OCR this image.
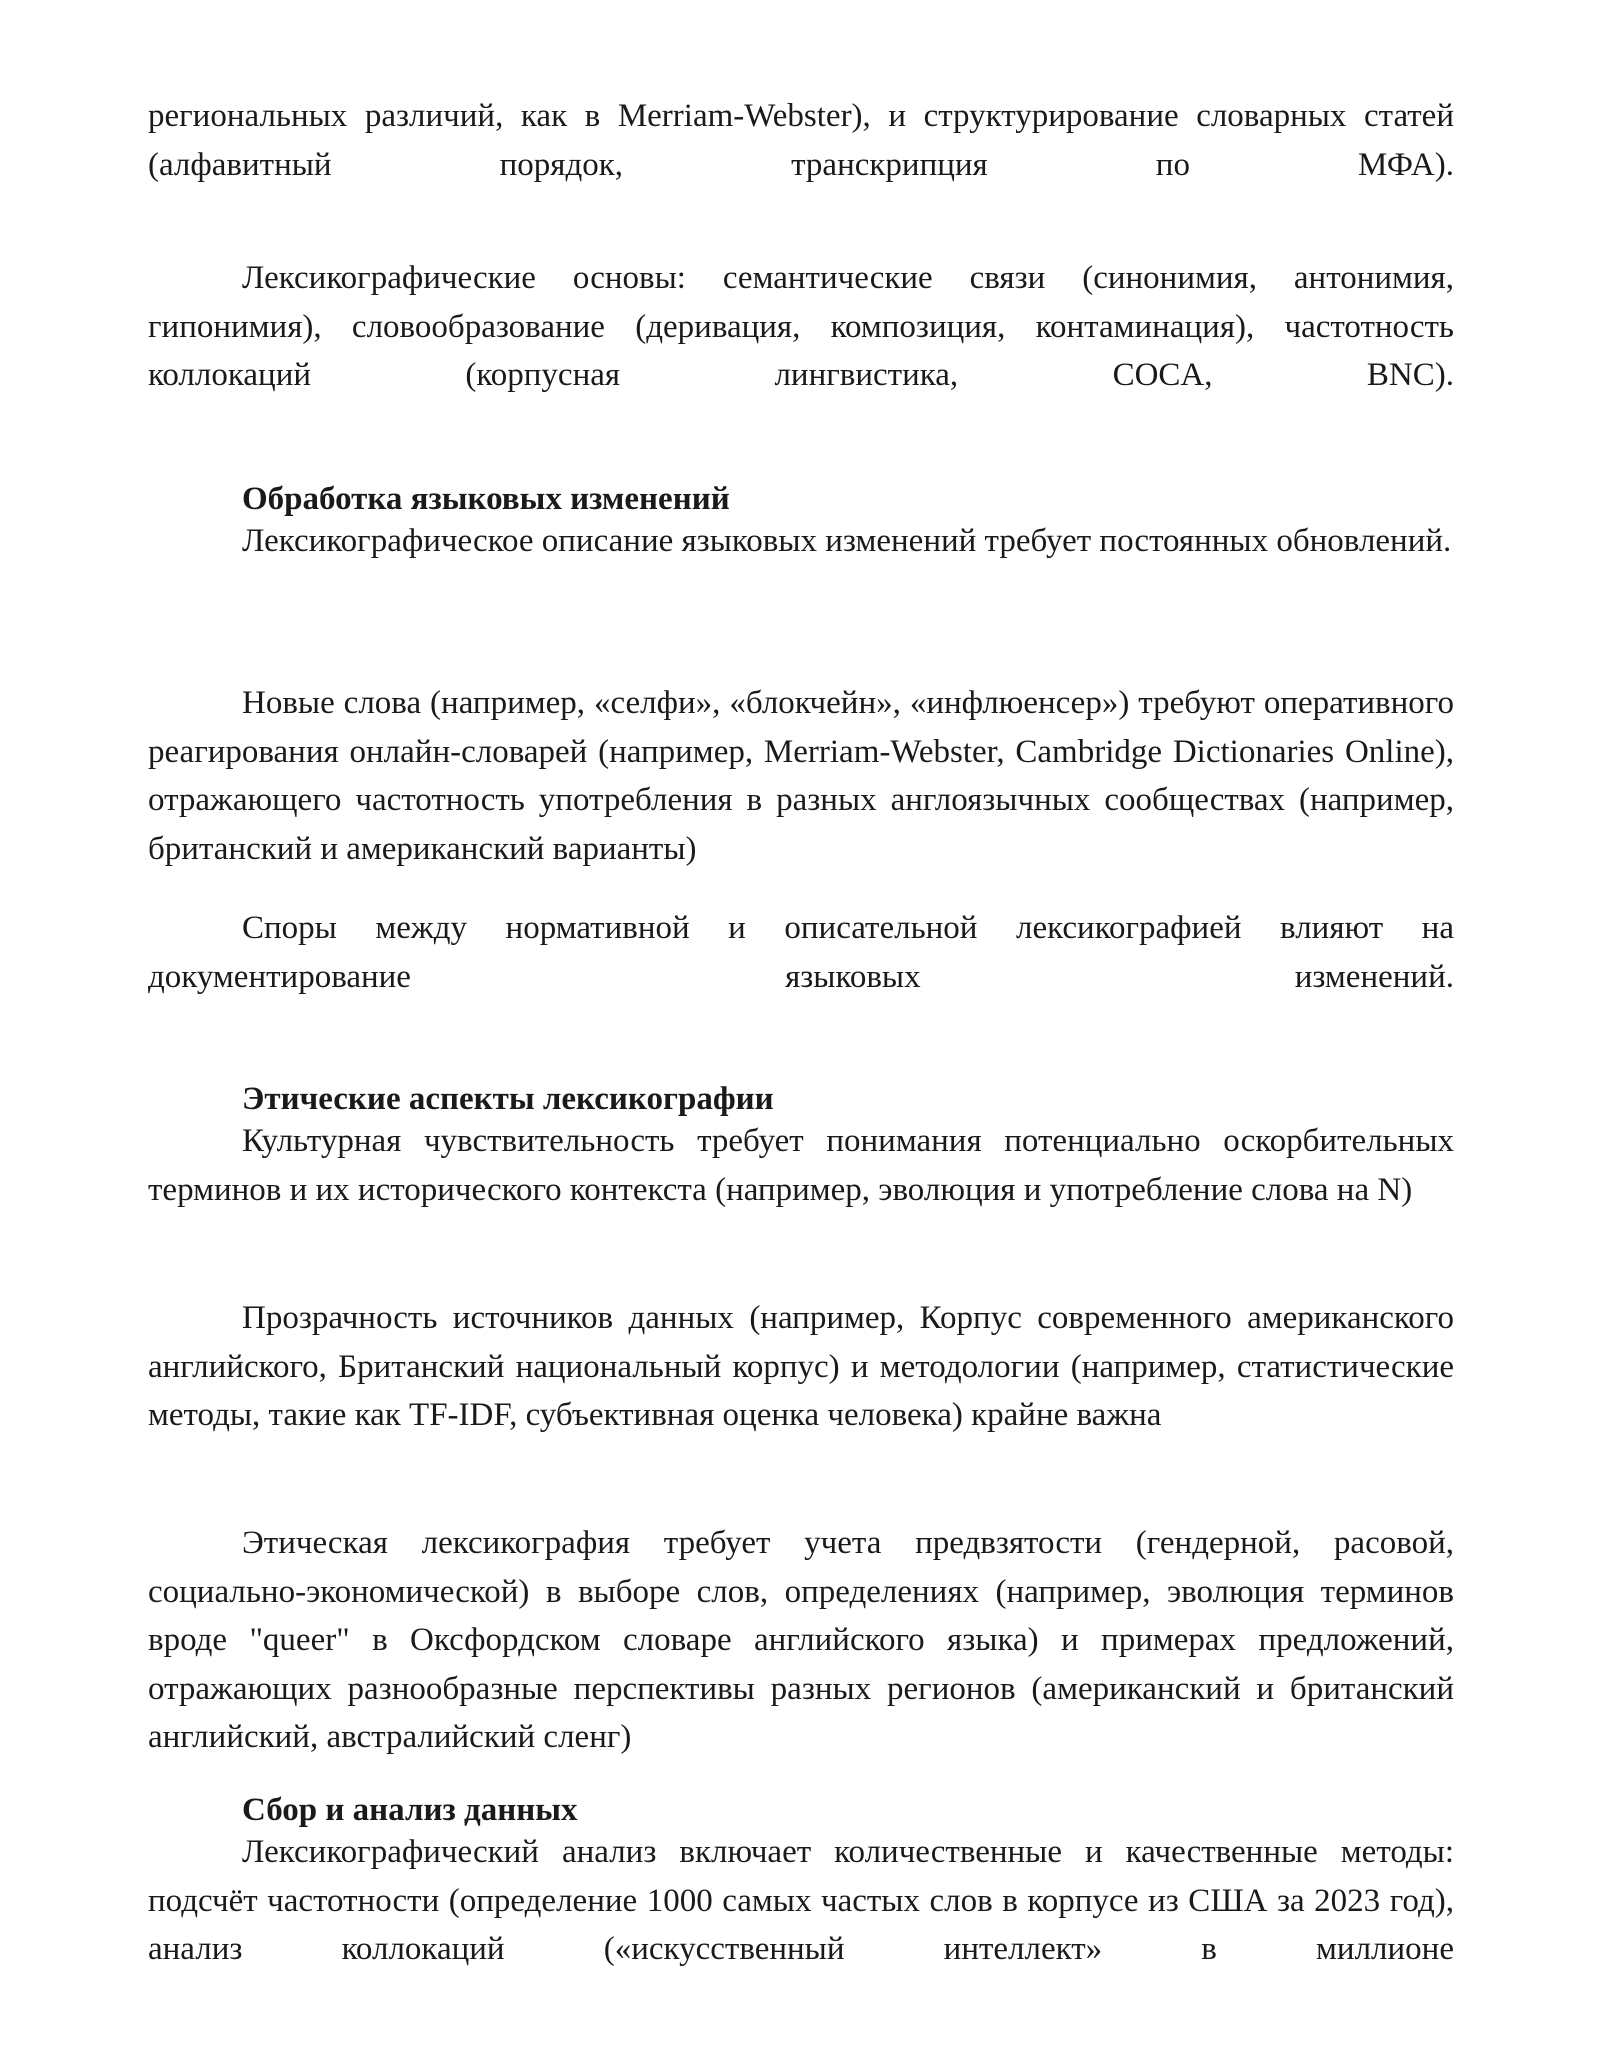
региональных различий, как в Merriam-Webster), и структурирование словарных статей (алфавитный порядок, транскрипция по МФА).

Лексикографические основы: семантические связи (синонимия, антонимия, гипонимия), словообразование (деривация, композиция, контаминация), частотность коллокаций (корпусная лингвистика, COCA, BNC).

Обработка языковых изменений

Лексикографическое описание языковых изменений требует постоянных обновлений.

Новые слова (например, «селфи», «блокчейн», «инфлюенсер») требуют оперативного реагирования онлайн-словарей (например, Merriam-Webster, Cambridge Dictionaries Online), отражающего частотность употребления в разных англоязычных сообществах (например, британский и американский варианты)

Споры между нормативной и описательной лексикографией влияют на документирование языковых изменений.

Этические аспекты лексикографии

Культурная чувствительность требует понимания потенциально оскорбительных терминов и их исторического контекста (например, эволюция и употребление слова на N)

Прозрачность источников данных (например, Корпус современного американского английского, Британский национальный корпус) и методологии (например, статистические методы, такие как TF-IDF, субъективная оценка человека) крайне важна

Этическая лексикография требует учета предвзятости (гендерной, расовой, социально-экономической) в выборе слов, определениях (например, эволюция терминов вроде "queer" в Оксфордском словаре английского языка) и примерах предложений, отражающих разнообразные перспективы разных регионов (американский и британский английский, австралийский сленг)

Сбор и анализ данных

Лексикографический анализ включает количественные и качественные методы: подсчёт частотности (определение 1000 самых частых слов в корпусе из США за 2023 год), анализ коллокаций («искусственный интеллект» в миллионе
